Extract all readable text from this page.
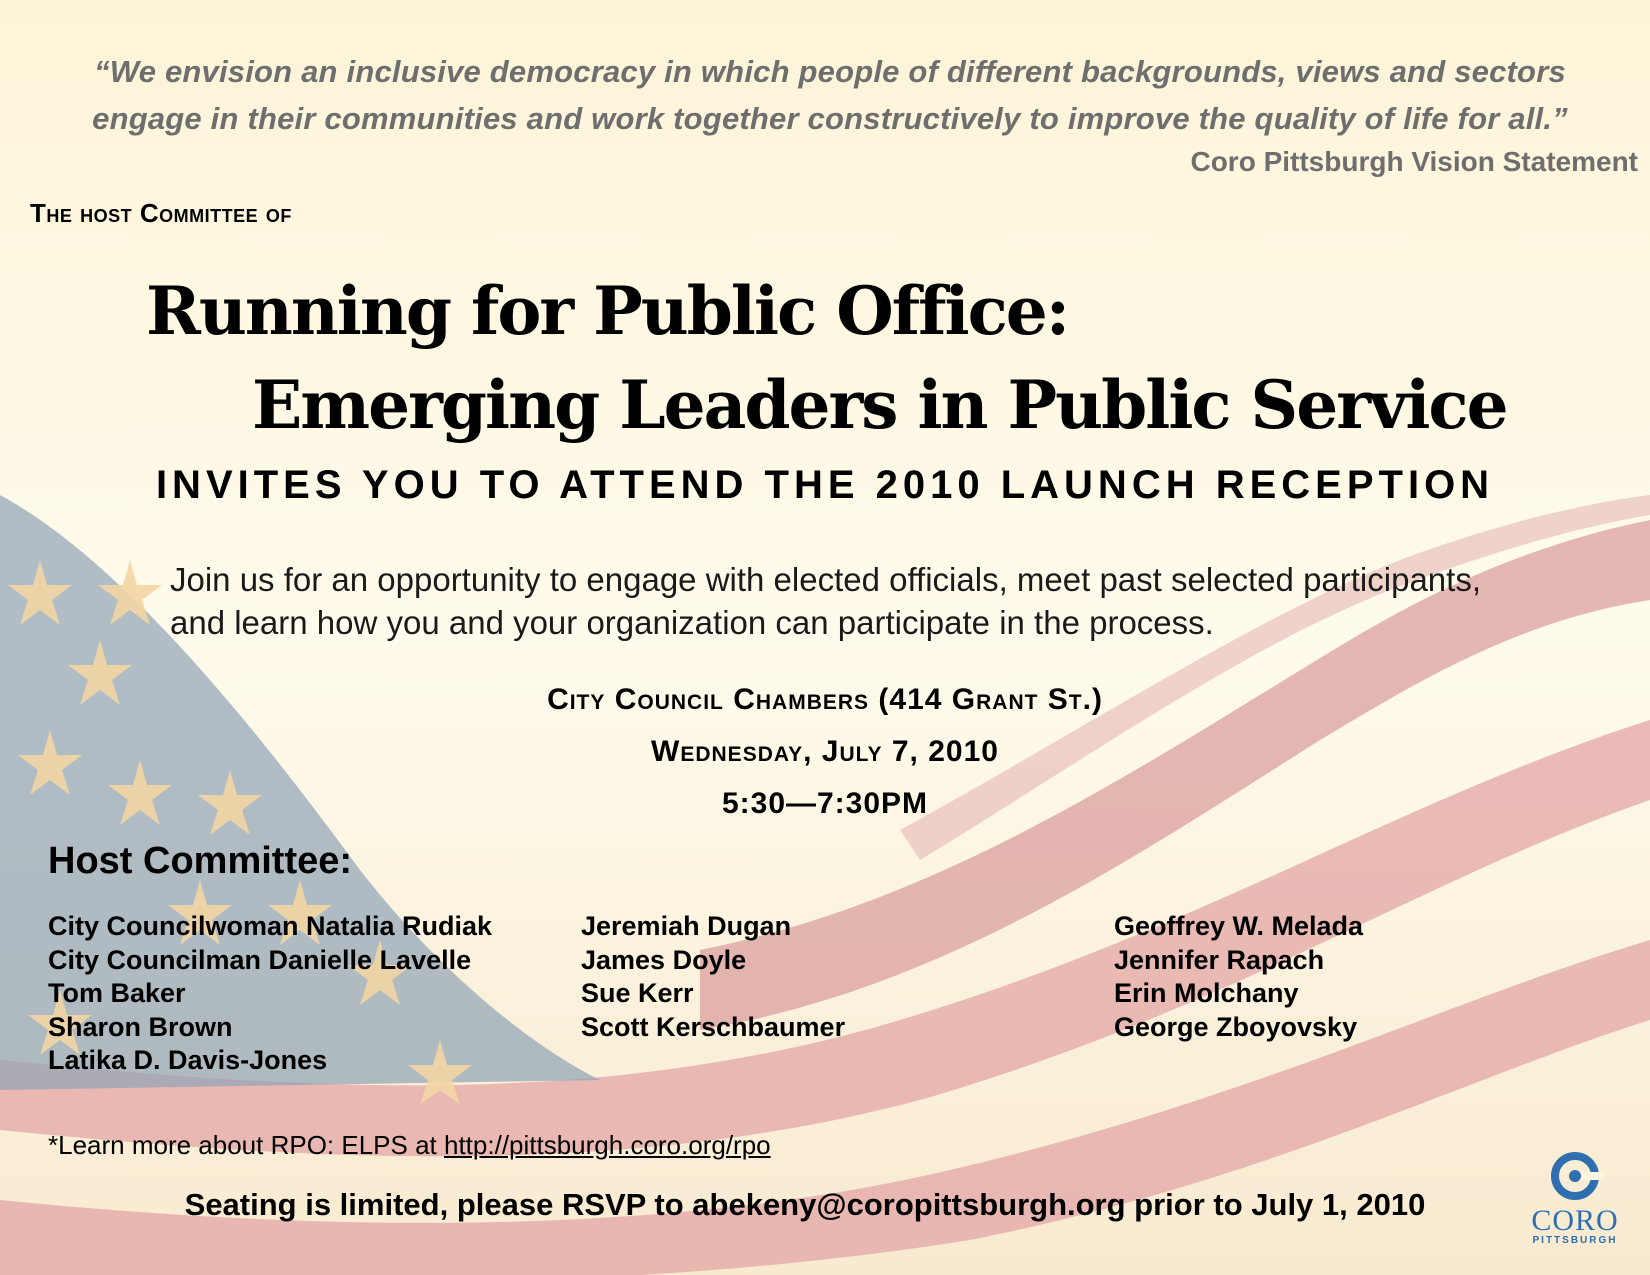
“We envision an inclusive democracy in which people of different backgrounds, views and sectors
engage in their communities and work together constructively to improve the quality of life for all.”
Coro Pittsburgh Vision Statement
The host Committee of
Running for Public Office:
Emerging Leaders in Public Service
INVITES YOU TO ATTEND THE 2010 LAUNCH RECEPTION
Join us for an opportunity to engage with elected officials, meet past selected participants, and learn how you and your organization can participate in the process.
City Council Chambers (414 Grant St.)
Wednesday, July 7, 2010
5:30—7:30PM
Host Committee:
City Councilwoman Natalia Rudiak
City Councilman Danielle Lavelle
Tom Baker
Sharon Brown
Latika D. Davis-Jones
Jeremiah Dugan
James Doyle
Sue Kerr
Scott Kerschbaumer
Geoffrey W. Melada
Jennifer Rapach
Erin Molchany
George Zboyovsky
*Learn more about RPO: ELPS at http://pittsburgh.coro.org/rpo
Seating is limited, please RSVP to abekeny@coropittsburgh.org prior to July 1, 2010	CORO
PITTSBURGH
